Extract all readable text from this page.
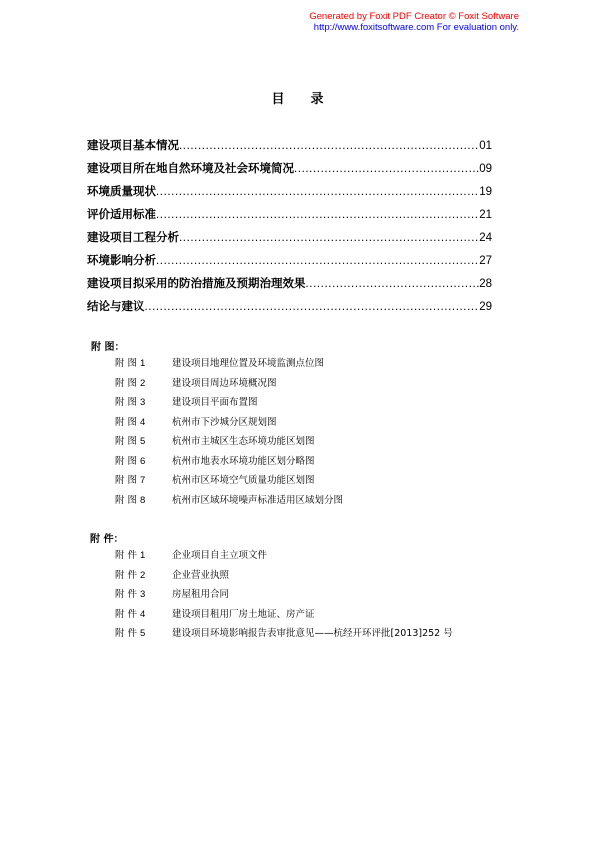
Generated by Foxit PDF Creator © Foxit Software
http://www.foxitsoftware.com For evaluation only.
目 录
建设项目基本情况 .....	01
建设项目所在地自然环境及社会环境简况 .....	09
环境质量现状 .....	19
评价适用标准 .....	21
建设项目工程分析 .....	24
环境影响分析 .....	27
建设项目拟采用的防治措施及预期治理效果 .....	28
结论与建议 .....	29
附 图：
附 图 1	建设项目地理位置及环境监测点位图
附 图 2	建设项目周边环境概况图
附 图 3	建设项目平面布置图
附 图 4	杭州市下沙城分区规划图
附 图 5	杭州市主城区生态环境功能区划图
附 图 6	杭州市地表水环境功能区划分略图
附 图 7	杭州市区环境空气质量功能区划图
附 图 8	杭州市区域环境噪声标准适用区域划分图
附 件：
附 件 1	企业项目自主立项文件
附 件 2	企业营业执照
附 件 3	房屋租用合同
附 件 4	建设项目租用厂房土地证、房产证
附 件 5	建设项目环境影响报告表审批意见——杭经开环评批[2013]252 号
